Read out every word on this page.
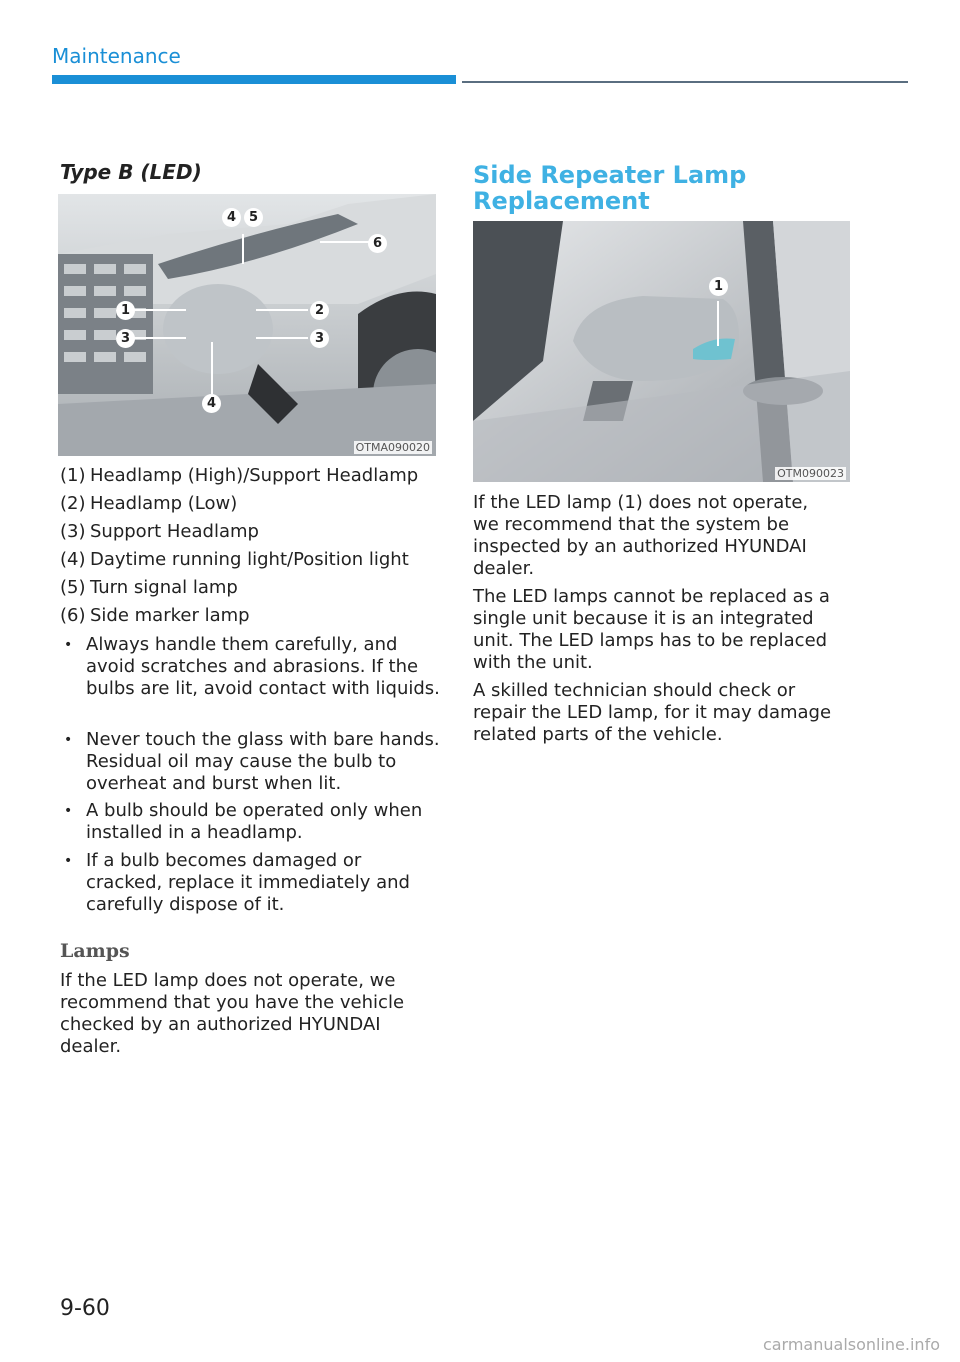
Maintenance
Type B (LED)
4 5
6
1	2
3	3
4
OTMA090020
(1) Headlamp (High)/Support Headlamp
(2) Headlamp (Low)
(3) Support Headlamp
(4) Daytime running light/Position light
(5) Turn signal lamp
(6) Side marker lamp
• Always handle them carefully, and avoid scratches and abrasions. If the bulbs are lit, avoid contact with liquids.
• Never touch the glass with bare hands. Residual oil may cause the bulb to overheat and burst when lit.
• A bulb should be operated only when installed in a headlamp.
• If a bulb becomes damaged or cracked, replace it immediately and carefully dispose of it.
Lamps
If the LED lamp does not operate, we recommend that you have the vehicle checked by an authorized HYUNDAI dealer.
Side Repeater Lamp Replacement
1
OTM090023
If the LED lamp (1) does not operate, we recommend that the system be inspected by an authorized HYUNDAI dealer.
The LED lamps cannot be replaced as a single unit because it is an integrated unit. The LED lamps has to be replaced with the unit.
A skilled technician should check or repair the LED lamp, for it may damage related parts of the vehicle.
9-60
carmanualsonline.info
